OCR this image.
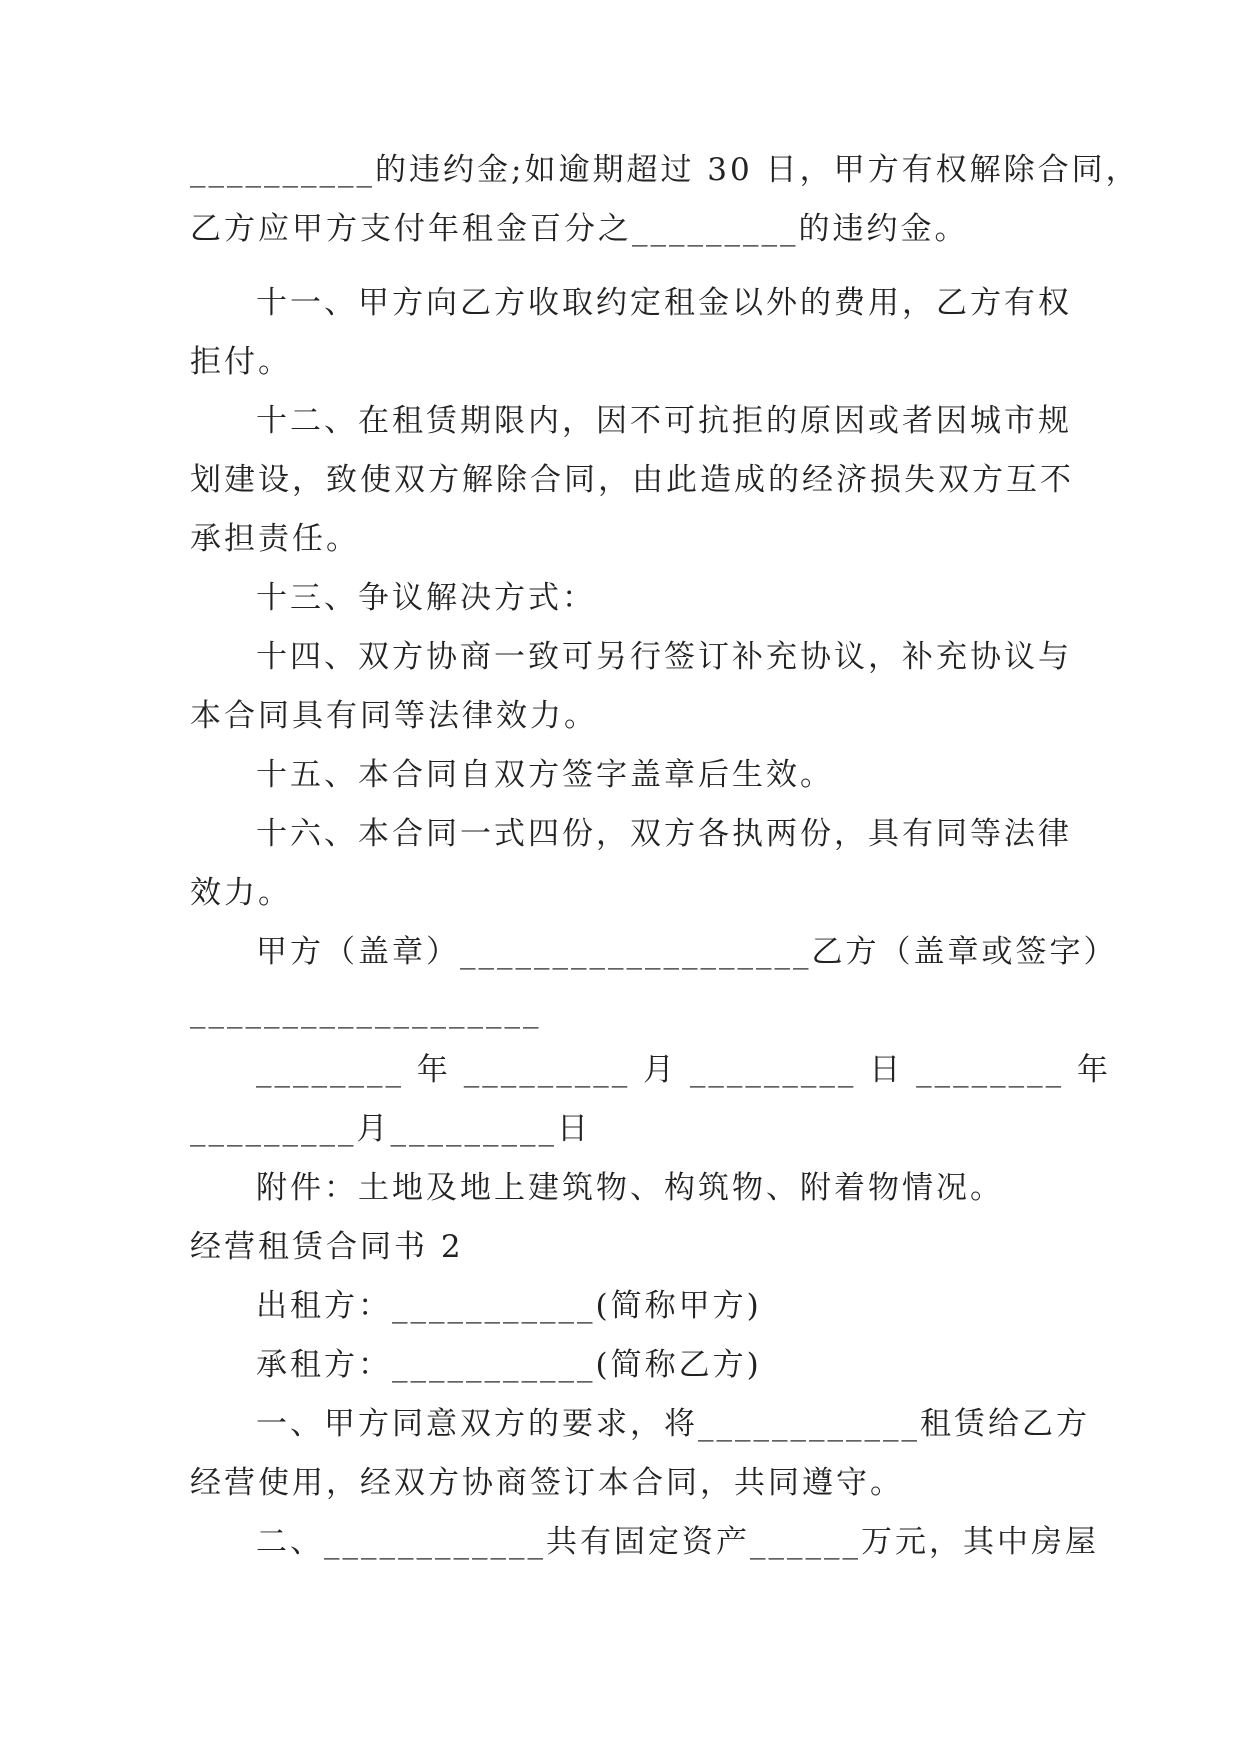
__________的违约金;如逾期超过 30 日，甲方有权解除合同，
乙方应甲方支付年租金百分之_________的违约金。
十一、甲方向乙方收取约定租金以外的费用，乙方有权
拒付。
十二、在租赁期限内，因不可抗拒的原因或者因城市规
划建设，致使双方解除合同，由此造成的经济损失双方互不
承担责任。
十三、争议解决方式：
十四、双方协商一致可另行签订补充协议，补充协议与
本合同具有同等法律效力。
十五、本合同自双方签字盖章后生效。
十六、本合同一式四份，双方各执两份，具有同等法律
效力。
甲方（盖章）___________________乙方（盖章或签字）
___________________
________ 年 _________ 月 _________ 日 ________ 年
_________月_________日
附件：土地及地上建筑物、构筑物、附着物情况。
经营租赁合同书 2
出租方：___________(简称甲方)
承租方：___________(简称乙方)
一、甲方同意双方的要求，将____________租赁给乙方
经营使用，经双方协商签订本合同，共同遵守。
二、____________共有固定资产______万元，其中房屋
